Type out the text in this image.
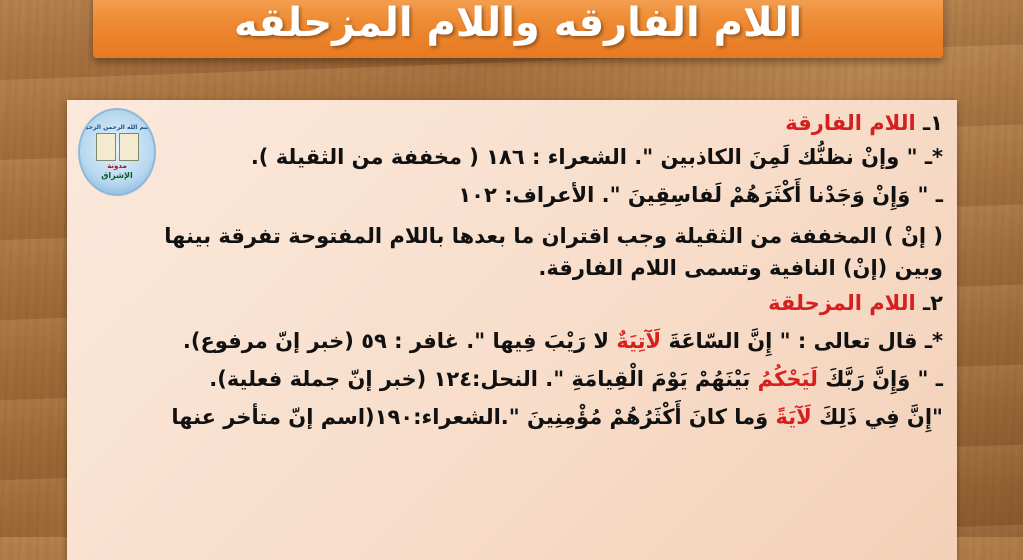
اللام الفارقه واللام المزحلقه
بسم الله الرحمن الرحيم
مدونة
الإشراق
١ـ اللام الفارقة
*ـ " وإنْ نظنُّك لَمِنَ الكاذبين ". الشعراء : ١٨٦ ( مخففة من الثقيلة ).
ـ " وَإِنْ وَجَدْنا أَكْثَرَهُمْ لَفاسِقِينَ ". الأعراف: ١٠٢
( إنْ ) المخففة من الثقيلة وجب اقتران ما بعدها باللام المفتوحة تفرقة بينها وبين (إنْ) النافية وتسمى اللام الفارقة.
٢ـ اللام المزحلقة
*ـ قال تعالى : " إِنَّ السّاعَةَ لَآتِيَةٌ لا رَيْبَ فِيها ". غافر : ٥٩ (خبر إنّ مرفوع).
ـ " وَإِنَّ رَبَّكَ لَيَحْكُمُ بَيْنَهُمْ يَوْمَ الْقِيامَةِ ". النحل:١٢٤ (خبر إنّ جملة فعلية).
"إِنَّ فِي ذَلِكَ لَآيَةً وَما كانَ أَكْثَرُهُمْ مُؤْمِنِينَ ".الشعراء:١٩٠(اسم إنّ متأخر عنها
